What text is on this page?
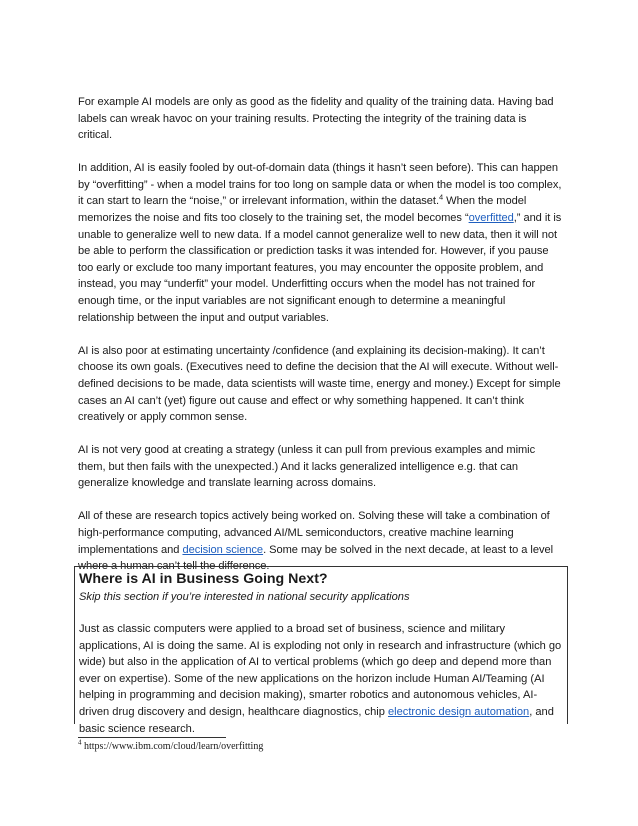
For example AI models are only as good as the fidelity and quality of the training data. Having bad labels can wreak havoc on your training results. Protecting the integrity of the training data is critical.

In addition, AI is easily fooled by out-of-domain data (things it hasn’t seen before). This can happen by “overfitting” - when a model trains for too long on sample data or when the model is too complex, it can start to learn the “noise,” or irrelevant information, within the dataset.$^4$ When the model memorizes the noise and fits too closely to the training set, the model becomes “overfitted,” and it is unable to generalize well to new data. If a model cannot generalize well to new data, then it will not be able to perform the classification or prediction tasks it was intended for. However, if you pause too early or exclude too many important features, you may encounter the opposite problem, and instead, you may “underfit” your model. Underfitting occurs when the model has not trained for enough time, or the input variables are not significant enough to determine a meaningful relationship between the input and output variables.

AI is also poor at estimating uncertainty /confidence (and explaining its decision-making). It can’t choose its own goals. (Executives need to define the decision that the AI will execute. Without well-defined decisions to be made, data scientists will waste time, energy and money.) Except for simple cases an AI can’t (yet) figure out cause and effect or why something happened. It can’t think creatively or apply common sense.

AI is not very good at creating a strategy (unless it can pull from previous examples and mimic them, but then fails with the unexpected.) And it lacks generalized intelligence e.g. that can generalize knowledge and translate learning across domains.

All of these are research topics actively being worked on. Solving these will take a combination of high-performance computing, advanced AI/ML semiconductors, creative machine learning implementations and decision science. Some may be solved in the next decade, at least to a level where a human can’t tell the difference.

Where is AI in Business Going Next?

Skip this section if you’re interested in national security applications

Just as classic computers were applied to a broad set of business, science and military applications, AI is doing the same. AI is exploding not only in research and infrastructure (which go wide) but also in the application of AI to vertical problems (which go deep and depend more than ever on expertise). Some of the new applications on the horizon include Human AI/Teaming (AI helping in programming and decision making), smarter robotics and autonomous vehicles, AI-driven drug discovery and design, healthcare diagnostics, chip electronic design automation, and basic science research.

$^4$ https://www.ibm.com/cloud/learn/overfitting
